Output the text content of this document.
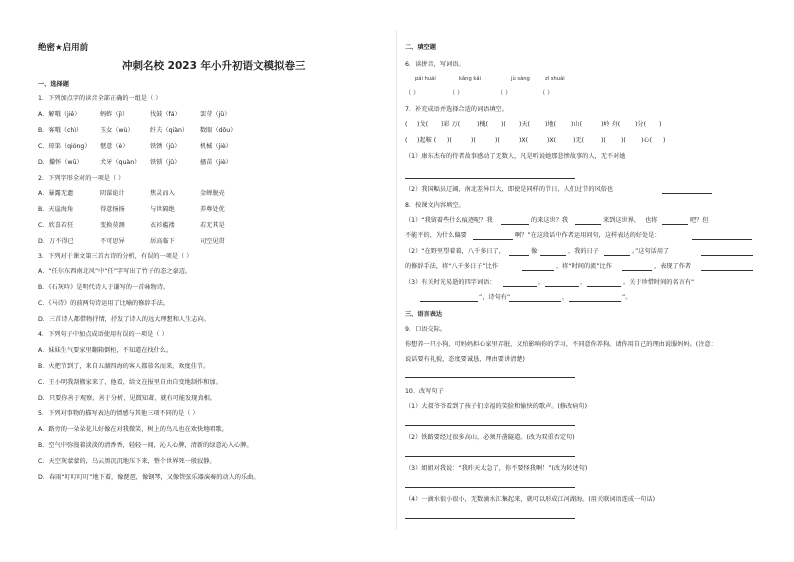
绝密★启用前
冲刺名校 2023 年小升初语文模拟卷三
一、选择题
1．下列加点字的读音全部正确的一组是（ ）
A．解哦（jiě）	蚂蚱（jì）	伐鼓（fá）	罢芽（jǔ）
B．客哦（chì）	玉女（wù）	纤夫（qiàn） 数眼（dōu）
C．琼渠（qióng） 惬意（è）	铁锈（jǔ）	机械（jiè）
D．攥怀（wū）	犬牙（quàn） 铁锁（jǔ）	搔苗（jiè）
2．下列字形全对的一项是（ ）
A．暴露无遗	阴谋诡计	焦灵而入	金蝉脱壳
B．天崖海角	得意扬扬	与世隔绝	养尊处优
C．欣喜若狂	变换莫测	衣衫褴褛	若无其是
D．万不得已	不可思异	居高临下	司空见贯
3．下列对于课文第三首古诗的分析，有误的一项是（ ）
A．“任尔东西南北风”中“任”字写出了竹子的态之豪迈。
B．《石灰吟》是明代诗人于谦写的一首咏物诗。
C．《马诗》的前两句诗运用了比喻的修辞手法。
D．三首诗人都借物抒情，抒发了诗人的远大理想和人生志向。
4．下列句子中加点成语使用有误的一项是（ ）
A．妹妹生气要家里翻箱倒柜，不知道在找什么。
B．火把节到了，来自五湖四海的客人都慕名而来，欢度佳节。
C．王小明我刮搬家来了，他看，给文在报里自由自变地制作和加。
D．只要你善于观察，善于分析，见微知著，就有可能发现真相。
5．下列对事物的描写表达的情感与其他三项不同的是（ ）
A．路旁的一朵朵花儿好像在对我微笑，树上的鸟儿也在欢快地唱歌。
B．空气中弥漫着淡淡的清香香，轻轻一闻，沁人心脾，清新的绿意沁入心脾。
C．天空灰蒙蒙的，乌云黑沉沉地压下来，整个世界死一般寂静。
D．春雨“叮叮叮叮”地下着，像琵琶，像钢琴，又像管弦乐器演奏的动人的乐曲。
二、填空题
6．读拼音，写词语。
pái huái	kǎng kǎi	jù sàng	zì shuài
（ ）	（ ）	（ ）	（ ）
7．补充成语并选择合适的词语填空。
( )戈( )彩 万(	)槐( )( )天( )地( )山(	)岭 舟( )分( )
( )起鞍 ( )(	)(	)(	)X(	)X(	)无(	)( )( )心( )
（1）康东杰布的侍者故事感动了无数人，凡是听说她那悲惨故事的人，无不对她
（2）我国幅员辽阔，南北差异巨大，即使是同样的节日，人们过节的风俗也
8．按课文内容填空。
（1）“我留着些什么痕迹呢？我	的来这世？我	来到这世界， 也将	吧？但
不能平的，为什么偏要	啊？”在这段话中作者运用问句，这样表达的好处是：
（2）“在野里望着着，八千多日了，	像	，我的日子	。”这句话用了
的修辞手法，将“八千多日子”比作	，将“时间的流”比作	，表现了作者
（3）有关时光易逝的四字词语：	，	，	。关于珍惜时间的名言有“
”，诗句有“	，	”。
三、语言表达
9．口语交际。
你想养一只小狗，可妈妈担心家里弄脏，又怕影响你的学习，不同意你养狗。请你用自己的理由说服妈妈。(注意：
说话要有礼貌，态度要诚恳，理由要讲清楚)
10．改写句子
（1）大叔爷爷看到了孩子们幸福的笑脸和愉快的歌声。(修改病句)
（2）铁路要经过很多高山，必须开凿隧道。(改为双重否定句)
（3）姐姐对我说：“我昨天太急了，你不要怪我啊！”(改为转述句)
（4）一滴水很小很小，无数滴水汇集起来，就可以形成江河湖海。(用关联词语连成一句话)
